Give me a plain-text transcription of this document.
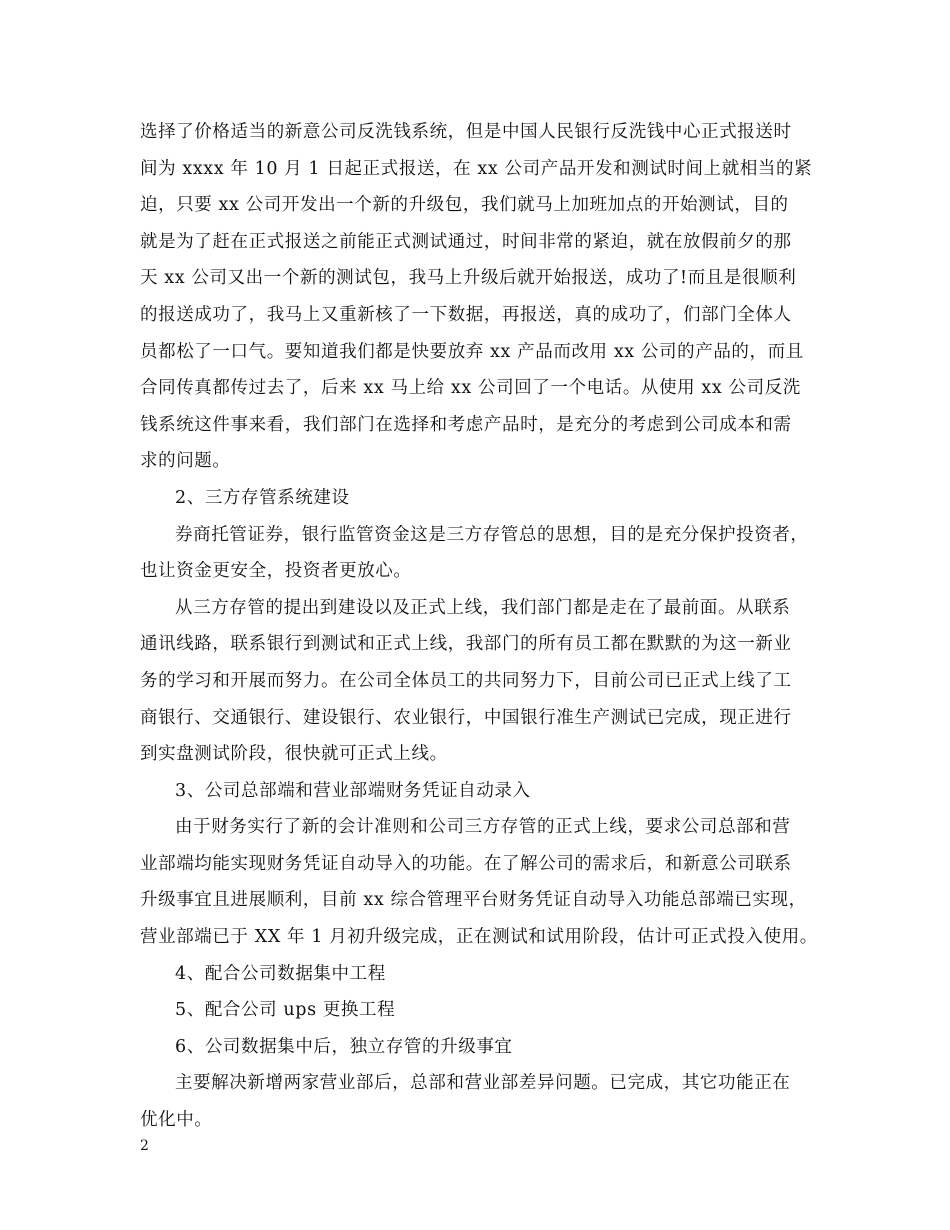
选择了价格适当的新意公司反洗钱系统，但是中国人民银行反洗钱中心正式报送时
间为 xxxx 年 10 月 1 日起正式报送，在 xx 公司产品开发和测试时间上就相当的紧
迫，只要 xx 公司开发出一个新的升级包，我们就马上加班加点的开始测试，目的
就是为了赶在正式报送之前能正式测试通过，时间非常的紧迫，就在放假前夕的那
天 xx 公司又出一个新的测试包，我马上升级后就开始报送，成功了!而且是很顺利
的报送成功了，我马上又重新核了一下数据，再报送，真的成功了，们部门全体人
员都松了一口气。要知道我们都是快要放弃 xx 产品而改用 xx 公司的产品的，而且
合同传真都传过去了，后来 xx 马上给 xx 公司回了一个电话。从使用 xx 公司反洗
钱系统这件事来看，我们部门在选择和考虑产品时，是充分的考虑到公司成本和需
求的问题。
2、三方存管系统建设
券商托管证券，银行监管资金这是三方存管总的思想，目的是充分保护投资者，
也让资金更安全，投资者更放心。
从三方存管的提出到建设以及正式上线，我们部门都是走在了最前面。从联系
通讯线路，联系银行到测试和正式上线，我部门的所有员工都在默默的为这一新业
务的学习和开展而努力。在公司全体员工的共同努力下，目前公司已正式上线了工
商银行、交通银行、建设银行、农业银行，中国银行准生产测试已完成，现正进行
到实盘测试阶段，很快就可正式上线。
3、公司总部端和营业部端财务凭证自动录入
由于财务实行了新的会计准则和公司三方存管的正式上线，要求公司总部和营
业部端均能实现财务凭证自动导入的功能。在了解公司的需求后，和新意公司联系
升级事宜且进展顺利，目前 xx 综合管理平台财务凭证自动导入功能总部端已实现，
营业部端已于 XX 年 1 月初升级完成，正在测试和试用阶段，估计可正式投入使用。
4、配合公司数据集中工程
5、配合公司 ups 更换工程
6、公司数据集中后，独立存管的升级事宜
主要解决新增两家营业部后，总部和营业部差异问题。已完成，其它功能正在
优化中。
2
